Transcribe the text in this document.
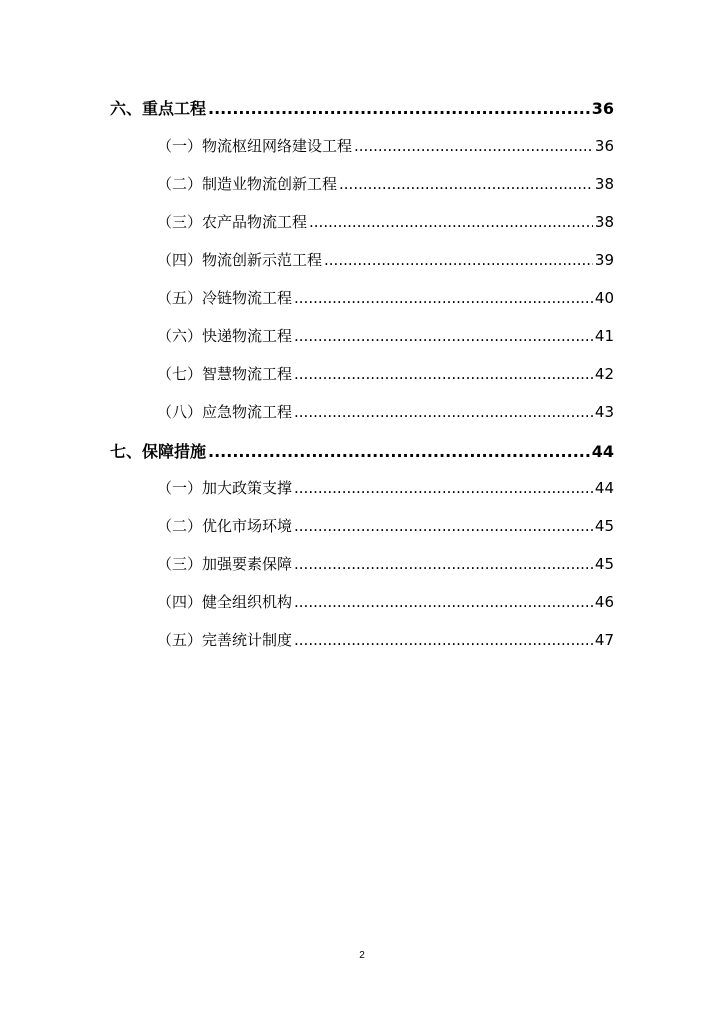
六、重点工程 .....	36
（一）物流枢纽网络建设工程 .....	36
（二）制造业物流创新工程 .....	38
（三）农产品物流工程 .....	38
（四）物流创新示范工程 .....	39
（五）冷链物流工程 .....	40
（六）快递物流工程 .....	41
（七）智慧物流工程 .....	42
（八）应急物流工程 .....	43
七、保障措施 .....	44
（一）加大政策支撑 .....	44
（二）优化市场环境 .....	45
（三）加强要素保障 .....	45
（四）健全组织机构 .....	46
（五）完善统计制度 .....	47
2
